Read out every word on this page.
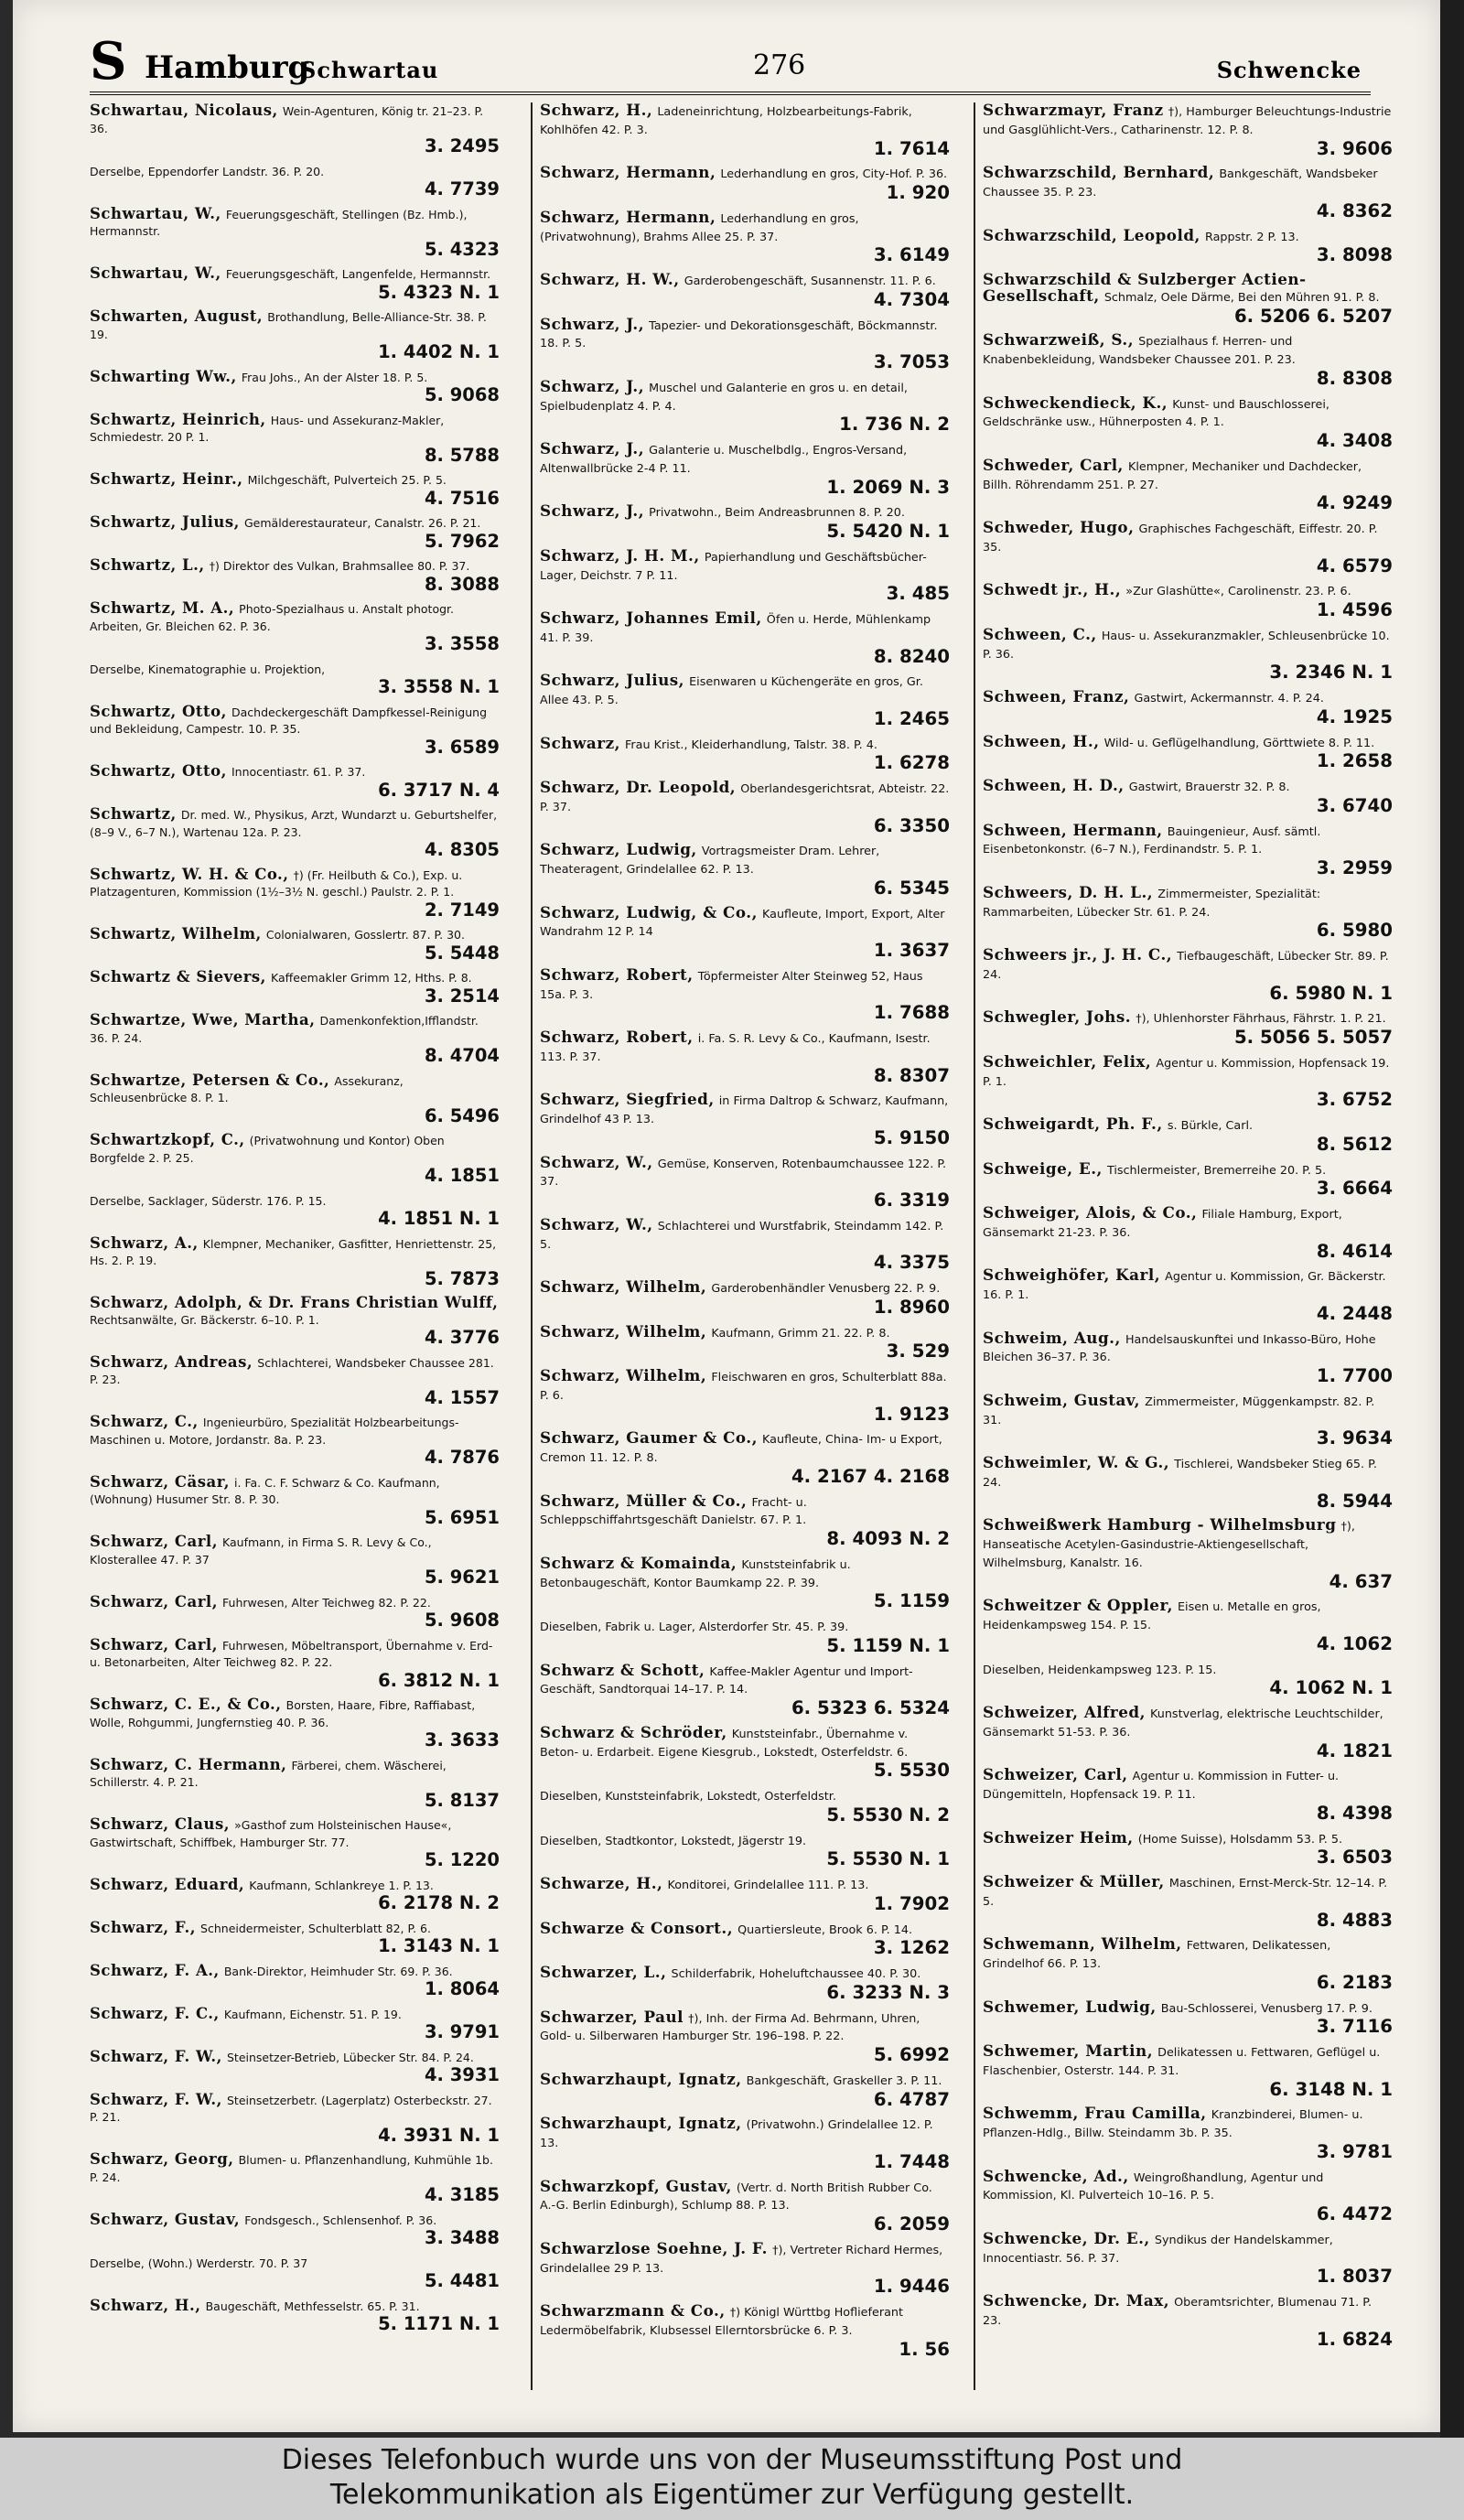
S Hamburg
Schwartau	276	Schwencke
Schwartau, Nicolaus, Wein-Agenturen, König tr. 21–23. P. 36.
3. 2495
Derselbe, Eppendorfer Landstr. 36. P. 20.
4. 7739
Schwartau, W., Feuerungsgeschäft, Stellingen (Bz. Hmb.), Hermannstr.
5. 4323
Schwartau, W., Feuerungsgeschäft, Langenfelde, Hermannstr.
5. 4323 N. 1
Schwarten, August, Brothandlung, Belle-Alliance-Str. 38. P. 19.
1. 4402 N. 1
Schwarting Ww., Frau Johs., An der Alster 18. P. 5.
5. 9068
Schwartz, Heinrich, Haus- und Assekuranz-Makler, Schmiedestr. 20 P. 1.
8. 5788
Schwartz, Heinr., Milchgeschäft, Pulverteich 25. P. 5.
4. 7516
Schwartz, Julius, Gemälderestaurateur, Canalstr. 26. P. 21.
5. 7962
Schwartz, L., †) Direktor des Vulkan, Brahmsallee 80. P. 37.
8. 3088
Schwartz, M. A., Photo-Spezialhaus u. Anstalt photogr. Arbeiten, Gr. Bleichen 62. P. 36.
3. 3558
Derselbe, Kinematographie u. Projektion,
3. 3558 N. 1
Schwartz, Otto, Dachdeckergeschäft Dampfkessel-Reinigung und Bekleidung, Campestr. 10. P. 35.
3. 6589
Schwartz, Otto, Innocentiastr. 61. P. 37.
6. 3717 N. 4
Schwartz, Dr. med. W., Physikus, Arzt, Wundarzt u. Geburtshelfer, (8–9 V., 6–7 N.), Wartenau 12a. P. 23.
4. 8305
Schwartz, W. H. & Co., †) (Fr. Heilbuth & Co.), Exp. u. Platzagenturen, Kommission (1½–3½ N. geschl.) Paulstr. 2. P. 1.
2. 7149
Schwartz, Wilhelm, Colonialwaren, Gosslertr. 87. P. 30.
5. 5448
Schwartz & Sievers, Kaffeemakler Grimm 12, Hths. P. 8.
3. 2514
Schwartze, Wwe, Martha, Damenkonfektion,Ifflandstr. 36. P. 24.
8. 4704
Schwartze, Petersen & Co., Assekuranz, Schleusenbrücke 8. P. 1.
6. 5496
Schwartzkopf, C., (Privatwohnung und Kontor) Oben Borgfelde 2. P. 25.
4. 1851
Derselbe, Sacklager, Süderstr. 176. P. 15.
4. 1851 N. 1
Schwarz, A., Klempner, Mechaniker, Gasfitter, Henriettenstr. 25, Hs. 2. P. 19.
5. 7873
Schwarz, Adolph, & Dr. Frans Christian Wulff, Rechtsanwälte, Gr. Bäckerstr. 6–10. P. 1.
4. 3776
Schwarz, Andreas, Schlachterei, Wandsbeker Chaussee 281. P. 23.
4. 1557
Schwarz, C., Ingenieurbüro, Spezialität Holzbearbeitungs-Maschinen u. Motore, Jordanstr. 8a. P. 23.
4. 7876
Schwarz, Cäsar, i. Fa. C. F. Schwarz & Co. Kaufmann, (Wohnung) Husumer Str. 8. P. 30.
5. 6951
Schwarz, Carl, Kaufmann, in Firma S. R. Levy & Co., Klosterallee 47. P. 37
5. 9621
Schwarz, Carl, Fuhrwesen, Alter Teichweg 82. P. 22.
5. 9608
Schwarz, Carl, Fuhrwesen, Möbeltransport, Übernahme v. Erd- u. Betonarbeiten, Alter Teichweg 82. P. 22.
6. 3812 N. 1
Schwarz, C. E., & Co., Borsten, Haare, Fibre, Raffiabast, Wolle, Rohgummi, Jungfernstieg 40. P. 36.
3. 3633
Schwarz, C. Hermann, Färberei, chem. Wäscherei, Schillerstr. 4. P. 21.
5. 8137
Schwarz, Claus, »Gasthof zum Holsteinischen Hause«, Gastwirtschaft, Schiffbek, Hamburger Str. 77.
5. 1220
Schwarz, Eduard, Kaufmann, Schlankreye 1. P. 13.
6. 2178 N. 2
Schwarz, F., Schneidermeister, Schulterblatt 82, P. 6.
1. 3143 N. 1
Schwarz, F. A., Bank-Direktor, Heimhuder Str. 69. P. 36.
1. 8064
Schwarz, F. C., Kaufmann, Eichenstr. 51. P. 19.
3. 9791
Schwarz, F. W., Steinsetzer-Betrieb, Lübecker Str. 84. P. 24.
4. 3931
Schwarz, F. W., Steinsetzerbetr. (Lagerplatz) Osterbeckstr. 27. P. 21.
4. 3931 N. 1
Schwarz, Georg, Blumen- u. Pflanzenhandlung, Kuhmühle 1b. P. 24.
4. 3185
Schwarz, Gustav, Fondsgesch., Schlensenhof. P. 36.
3. 3488
Derselbe, (Wohn.) Werderstr. 70. P. 37
5. 4481
Schwarz, H., Baugeschäft, Methfesselstr. 65. P. 31.
5. 1171 N. 1
Schwarz, H., Ladeneinrichtung, Holzbearbeitungs-Fabrik, Kohlhöfen 42. P. 3.
1. 7614
Schwarz, Hermann, Lederhandlung en gros, City-Hof. P. 36.
1. 920
Schwarz, Hermann, Lederhandlung en gros, (Privatwohnung), Brahms Allee 25. P. 37.
3. 6149
Schwarz, H. W., Garderobengeschäft, Susannenstr. 11. P. 6.
4. 7304
Schwarz, J., Tapezier- und Dekorationsgeschäft, Böckmannstr. 18. P. 5.
3. 7053
Schwarz, J., Muschel und Galanterie en gros u. en detail, Spielbudenplatz 4. P. 4.
1. 736 N. 2
Schwarz, J., Galanterie u. Muschelbdlg., Engros-Versand, Altenwallbrücke 2-4 P. 11.
1. 2069 N. 3
Schwarz, J., Privatwohn., Beim Andreasbrunnen 8. P. 20.
5. 5420 N. 1
Schwarz, J. H. M., Papierhandlung und Geschäftsbücher-Lager, Deichstr. 7 P. 11.
3. 485
Schwarz, Johannes Emil, Öfen u. Herde, Mühlenkamp 41. P. 39.
8. 8240
Schwarz, Julius, Eisenwaren u Küchengeräte en gros, Gr. Allee 43. P. 5.
1. 2465
Schwarz, Frau Krist., Kleiderhandlung, Talstr. 38. P. 4.
1. 6278
Schwarz, Dr. Leopold, Oberlandesgerichtsrat, Abteistr. 22. P. 37.
6. 3350
Schwarz, Ludwig, Vortragsmeister Dram. Lehrer, Theateragent, Grindelallee 62. P. 13.
6. 5345
Schwarz, Ludwig, & Co., Kaufleute, Import, Export, Alter Wandrahm 12 P. 14
1. 3637
Schwarz, Robert, Töpfermeister Alter Steinweg 52, Haus 15a. P. 3.
1. 7688
Schwarz, Robert, i. Fa. S. R. Levy & Co., Kaufmann, Isestr. 113. P. 37.
8. 8307
Schwarz, Siegfried, in Firma Daltrop & Schwarz, Kaufmann, Grindelhof 43 P. 13.
5. 9150
Schwarz, W., Gemüse, Konserven, Rotenbaumchaussee 122. P. 37.
6. 3319
Schwarz, W., Schlachterei und Wurstfabrik, Steindamm 142. P. 5.
4. 3375
Schwarz, Wilhelm, Garderobenhändler Venusberg 22. P. 9.
1. 8960
Schwarz, Wilhelm, Kaufmann, Grimm 21. 22. P. 8.
3. 529
Schwarz, Wilhelm, Fleischwaren en gros, Schulterblatt 88a. P. 6.
1. 9123
Schwarz, Gaumer & Co., Kaufleute, China- Im- u Export, Cremon 11. 12. P. 8.
4. 2167 4. 2168
Schwarz, Müller & Co., Fracht- u. Schleppschiffahrtsgeschäft Danielstr. 67. P. 1.
8. 4093 N. 2
Schwarz & Komainda, Kunststeinfabrik u. Betonbaugeschäft, Kontor Baumkamp 22. P. 39.
5. 1159
Dieselben, Fabrik u. Lager, Alsterdorfer Str. 45. P. 39.
5. 1159 N. 1
Schwarz & Schott, Kaffee-Makler Agentur und Import-Geschäft, Sandtorquai 14–17. P. 14.
6. 5323 6. 5324
Schwarz & Schröder, Kunststeinfabr., Übernahme v. Beton- u. Erdarbeit. Eigene Kiesgrub., Lokstedt, Osterfeldstr. 6.
5. 5530
Dieselben, Kunststeinfabrik, Lokstedt, Osterfeldstr.
5. 5530 N. 2
Dieselben, Stadtkontor, Lokstedt, Jägerstr 19.
5. 5530 N. 1
Schwarze, H., Konditorei, Grindelallee 111. P. 13.
1. 7902
Schwarze & Consort., Quartiersleute, Brook 6. P. 14.
3. 1262
Schwarzer, L., Schilderfabrik, Hoheluftchaussee 40. P. 30.
6. 3233 N. 3
Schwarzer, Paul †), Inh. der Firma Ad. Behrmann, Uhren, Gold- u. Silberwaren Hamburger Str. 196–198. P. 22.
5. 6992
Schwarzhaupt, Ignatz, Bankgeschäft, Graskeller 3. P. 11.
6. 4787
Schwarzhaupt, Ignatz, (Privatwohn.) Grindelallee 12. P. 13.
1. 7448
Schwarzkopf, Gustav, (Vertr. d. North British Rubber Co. A.-G. Berlin Edinburgh), Schlump 88. P. 13.
6. 2059
Schwarzlose Soehne, J. F. †), Vertreter Richard Hermes, Grindelallee 29 P. 13.
1. 9446
Schwarzmann & Co., †) Königl Württbg Hoflieferant Ledermöbelfabrik, Klubsessel Ellerntorsbrücke 6. P. 3.
1. 56
Schwarzmayr, Franz †), Hamburger Beleuchtungs-Industrie und Gasglühlicht-Vers., Catharinenstr. 12. P. 8.
3. 9606
Schwarzschild, Bernhard, Bankgeschäft, Wandsbeker Chaussee 35. P. 23.
4. 8362
Schwarzschild, Leopold, Rappstr. 2 P. 13.
3. 8098
Schwarzschild & Sulzberger Actien-Gesellschaft, Schmalz, Oele Därme, Bei den Mühren 91. P. 8.
6. 5206 6. 5207
Schwarzweiß, S., Spezialhaus f. Herren- und Knabenbekleidung, Wandsbeker Chaussee 201. P. 23.
8. 8308
Schweckendieck, K., Kunst- und Bauschlosserei, Geldschränke usw., Hühnerposten 4. P. 1.
4. 3408
Schweder, Carl, Klempner, Mechaniker und Dachdecker, Billh. Röhrendamm 251. P. 27.
4. 9249
Schweder, Hugo, Graphisches Fachgeschäft, Eiffestr. 20. P. 35.
4. 6579
Schwedt jr., H., »Zur Glashütte«, Carolinenstr. 23. P. 6.
1. 4596
Schween, C., Haus- u. Assekuranzmakler, Schleusenbrücke 10. P. 36.
3. 2346 N. 1
Schween, Franz, Gastwirt, Ackermannstr. 4. P. 24.
4. 1925
Schween, H., Wild- u. Geflügelhandlung, Görttwiete 8. P. 11.
1. 2658
Schween, H. D., Gastwirt, Brauerstr 32. P. 8.
3. 6740
Schween, Hermann, Bauingenieur, Ausf. sämtl. Eisenbetonkonstr. (6–7 N.), Ferdinandstr. 5. P. 1.
3. 2959
Schweers, D. H. L., Zimmermeister, Spezialität: Rammarbeiten, Lübecker Str. 61. P. 24.
6. 5980
Schweers jr., J. H. C., Tiefbaugeschäft, Lübecker Str. 89. P. 24.
6. 5980 N. 1
Schwegler, Johs. †), Uhlenhorster Fährhaus, Fährstr. 1. P. 21.
5. 5056 5. 5057
Schweichler, Felix, Agentur u. Kommission, Hopfensack 19. P. 1.
3. 6752
Schweigardt, Ph. F., s. Bürkle, Carl.
8. 5612
Schweige, E., Tischlermeister, Bremerreihe 20. P. 5.
3. 6664
Schweiger, Alois, & Co., Filiale Hamburg, Export, Gänsemarkt 21-23. P. 36.
8. 4614
Schweighöfer, Karl, Agentur u. Kommission, Gr. Bäckerstr. 16. P. 1.
4. 2448
Schweim, Aug., Handelsauskunftei und Inkasso-Büro, Hohe Bleichen 36–37. P. 36.
1. 7700
Schweim, Gustav, Zimmermeister, Müggenkampstr. 82. P. 31.
3. 9634
Schweimler, W. & G., Tischlerei, Wandsbeker Stieg 65. P. 24.
8. 5944
Schweißwerk Hamburg - Wilhelmsburg †), Hanseatische Acetylen-Gasindustrie-Aktiengesellschaft, Wilhelmsburg, Kanalstr. 16.
4. 637
Schweitzer & Oppler, Eisen u. Metalle en gros, Heidenkampsweg 154. P. 15.
4. 1062
Dieselben, Heidenkampsweg 123. P. 15.
4. 1062 N. 1
Schweizer, Alfred, Kunstverlag, elektrische Leuchtschilder, Gänsemarkt 51-53. P. 36.
4. 1821
Schweizer, Carl, Agentur u. Kommission in Futter- u. Düngemitteln, Hopfensack 19. P. 11.
8. 4398
Schweizer Heim, (Home Suisse), Holsdamm 53. P. 5.
3. 6503
Schweizer & Müller, Maschinen, Ernst-Merck-Str. 12–14. P. 5.
8. 4883
Schwemann, Wilhelm, Fettwaren, Delikatessen, Grindelhof 66. P. 13.
6. 2183
Schwemer, Ludwig, Bau-Schlosserei, Venusberg 17. P. 9.
3. 7116
Schwemer, Martin, Delikatessen u. Fettwaren, Geflügel u. Flaschenbier, Osterstr. 144. P. 31.
6. 3148 N. 1
Schwemm, Frau Camilla, Kranzbinderei, Blumen- u. Pflanzen-Hdlg., Billw. Steindamm 3b. P. 35.
3. 9781
Schwencke, Ad., Weingroßhandlung, Agentur und Kommission, Kl. Pulverteich 10–16. P. 5.
6. 4472
Schwencke, Dr. E., Syndikus der Handelskammer, Innocentiastr. 56. P. 37.
1. 8037
Schwencke, Dr. Max, Oberamtsrichter, Blumenau 71. P. 23.
1. 6824
Dieses Telefonbuch wurde uns von der Museumsstiftung Post und
Telekommunikation als Eigentümer zur Verfügung gestellt.
